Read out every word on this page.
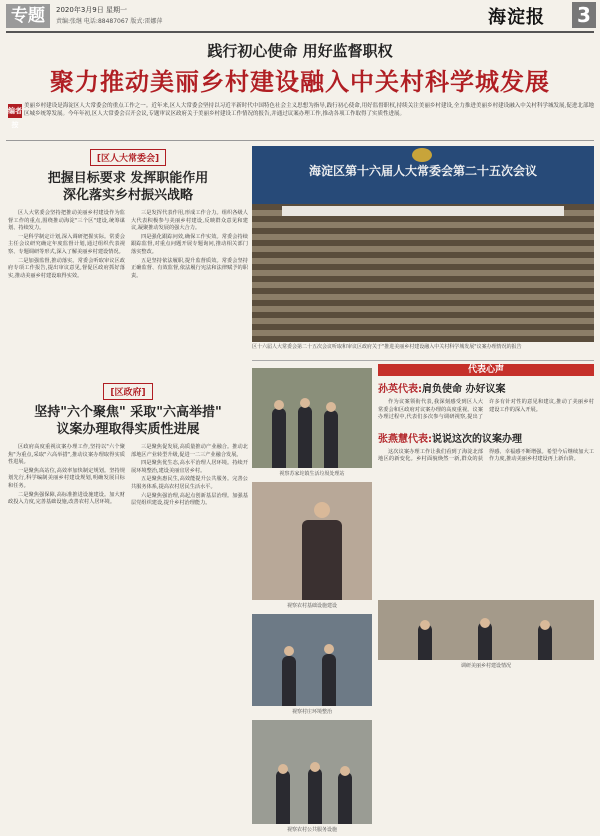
专题	2020年3月9日 星期一
责编:张继 电话:88487067 版式:雷娜萍	海淀报 3
践行初心使命 用好监督职权
聚力推动美丽乡村建设融入中关村科学城发展
编者按
美丽乡村建设是海淀区人大常委会的重点工作之一。近年来,区人大常委会坚持以习近平新时代中国特色社会主义思想为指导,践行初心使命,用好监督职权,持续关注美丽乡村建设,全力推进美丽乡村建设融入中关村科学城发展,促进北部地区城乡统筹发展。今年年初,区人大常委会召开会议,专题审议区政府关于美丽乡村建设工作情况的报告,并通过议案办理工作,推动各项工作取得了实质性进展。
[区人大常委会]
把握目标要求 发挥职能作用
深化落实乡村振兴战略

区人大常委会坚持把推动美丽乡村建设作为监督工作的重点,围绕推动海淀"三个区"建设,统筹谋划、持续发力。

一是科学制定计划,深入调研把握实际。常委会主任会议研究确定年度监督计划,通过组织代表视察、专题调研等形式,深入了解美丽乡村建设情况。

二是加强监督,推动落实。常委会听取审议区政府专项工作报告,提出审议意见,督促区政府抓好落实,推动美丽乡村建设取得实效。

三是发挥代表作用,形成工作合力。组织各级人大代表积极参与美丽乡村建设,反映群众意见和建议,凝聚推动发展的强大合力。

四是强化跟踪问效,确保工作实效。常委会持续跟踪监督,对重点问题开展专题询问,推动相关部门落实整改。

五是坚持依法履职,提升监督质效。常委会坚持正确监督、有效监督,依法履行宪法和法律赋予的职责。

海淀区第十六届人大常委会第二十五次会议
区十六届人大常委会第二十五次会议听取和审议区政府关于"推进美丽乡村建设融入中关村科学城发展"议案办理情况的报告
[区政府]
坚持"六个聚焦" 采取"六高举措"
议案办理取得实质性进展

区政府高度重视议案办理工作,坚持以"六个聚焦"为重点,采取"六高举措",推动议案办理取得实质性进展。

一是聚焦高站位,高效率加快制定规划。坚持规划先行,科学编制美丽乡村建设规划,明确发展目标和任务。

二是聚焦强保障,高标准推进设施建设。加大财政投入力度,完善基础设施,改善农村人居环境。

三是聚焦促发展,高质量推动产业融合。推动北部地区产业转型升级,促进一二三产业融合发展。

四是聚焦优生态,高水平治理人居环境。持续开展环境整治,建设美丽宜居乡村。

五是聚焦惠民生,高效能提升公共服务。完善公共服务体系,提高农村居民生活水平。

六是聚焦强治理,高起点创新基层治理。加强基层党组织建设,提升乡村治理能力。

视察苏家坨镇生活垃圾处理站
视察农村基础设施建设
视察村庄环境整治
视察农村公共服务设施
代表心声
孙英代表:肩负使命 办好议案

作为议案领衔代表,我深刻感受到区人大常委会和区政府对议案办理的高度重视。议案办理过程中,代表们多次参与调研视察,提出了许多有针对性的意见和建议,推动了美丽乡村建设工作的深入开展。

张燕慧代表:说说这次的议案办理

这次议案办理工作让我们看到了海淀北部地区的新变化。乡村面貌焕然一新,群众的获得感、幸福感不断增强。希望今后继续加大工作力度,推动美丽乡村建设再上新台阶。

调研美丽乡村建设情况
